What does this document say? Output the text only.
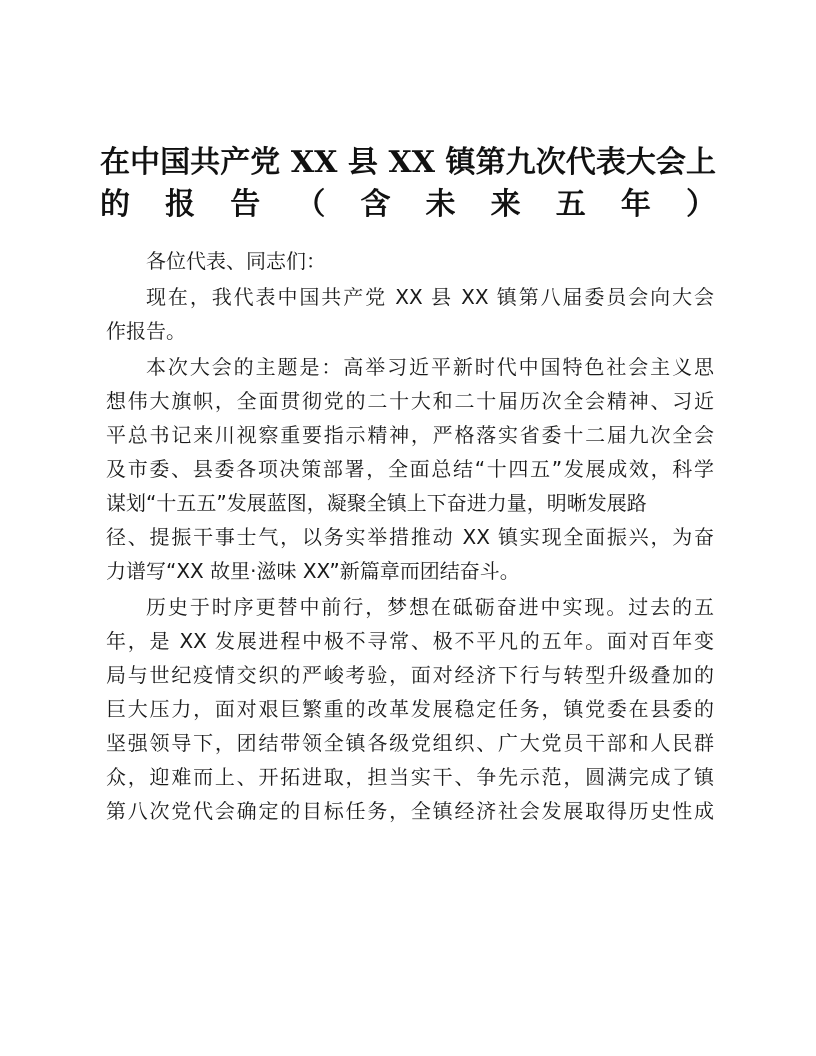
在中国共产党 XX 县 XX 镇第九次代表大会上
的报告（含未来五年）
各位代表、同志们：
现在，我代表中国共产党 XX 县 XX 镇第八届委员会向大会
作报告。
本次大会的主题是：高举习近平新时代中国特色社会主义思
想伟大旗帜，全面贯彻党的二十大和二十届历次全会精神、习近
平总书记来川视察重要指示精神，严格落实省委十二届九次全会
及市委、县委各项决策部署，全面总结“十四五”发展成效，科学
谋划“十五五”发展蓝图，凝聚全镇上下奋进力量，明晰发展路
径、提振干事士气，以务实举措推动 XX 镇实现全面振兴，为奋
力谱写“XX 故里·滋味 XX”新篇章而团结奋斗。
历史于时序更替中前行，梦想在砥砺奋进中实现。过去的五
年，是 XX 发展进程中极不寻常、极不平凡的五年。面对百年变
局与世纪疫情交织的严峻考验，面对经济下行与转型升级叠加的
巨大压力，面对艰巨繁重的改革发展稳定任务，镇党委在县委的
坚强领导下，团结带领全镇各级党组织、广大党员干部和人民群
众，迎难而上、开拓进取，担当实干、争先示范，圆满完成了镇
第八次党代会确定的目标任务，全镇经济社会发展取得历史性成
